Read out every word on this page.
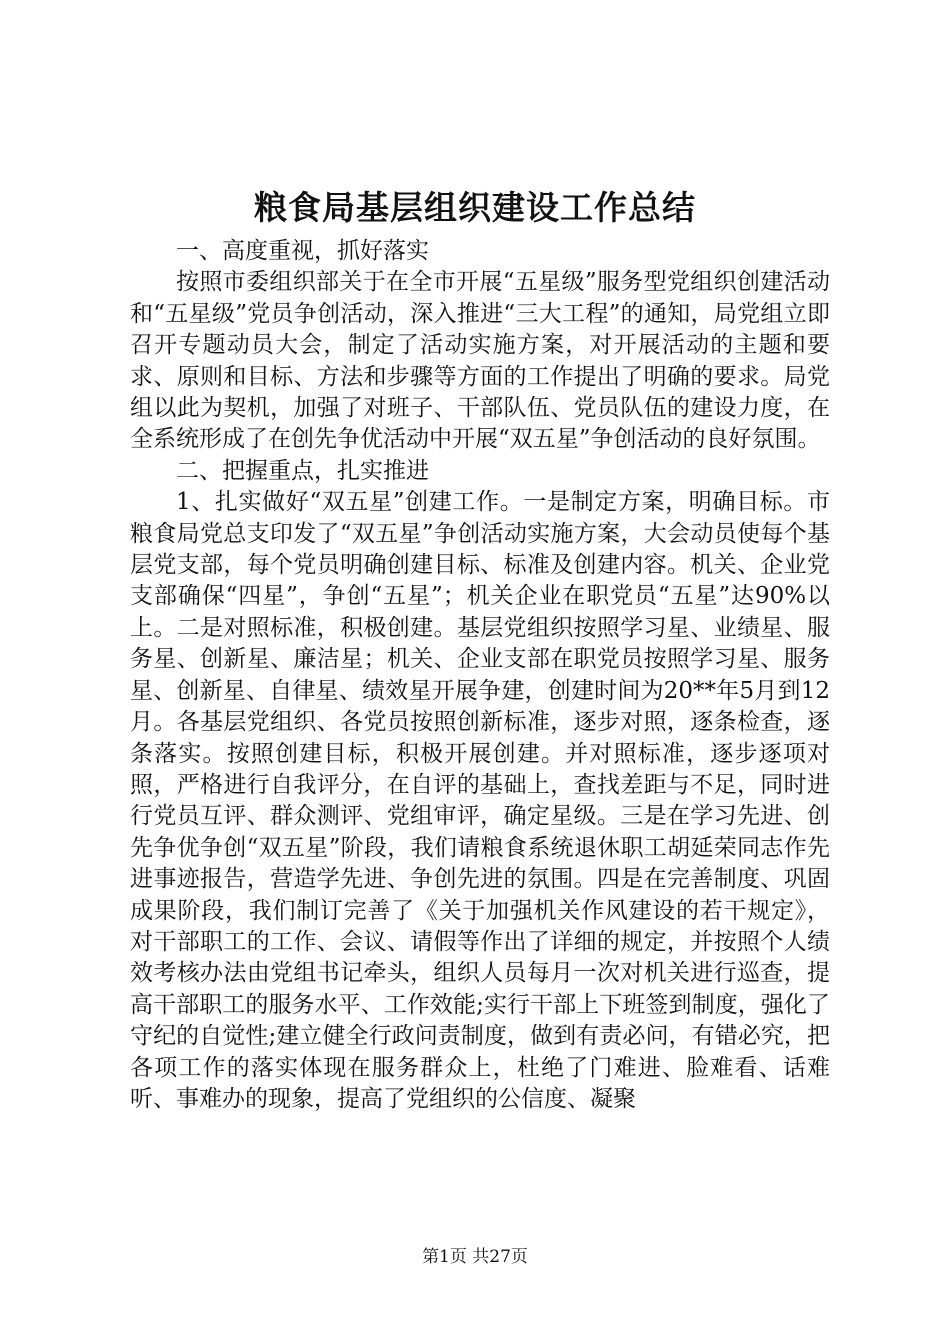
粮食局基层组织建设工作总结

一、高度重视，抓好落实

按照市委组织部关于在全市开展“五星级”服务型党组织创建活动和“五星级”党员争创活动，深入推进“三大工程”的通知，局党组立即召开专题动员大会，制定了活动实施方案，对开展活动的主题和要求、原则和目标、方法和步骤等方面的工作提出了明确的要求。局党组以此为契机，加强了对班子、干部队伍、党员队伍的建设力度，在全系统形成了在创先争优活动中开展“双五星”争创活动的良好氛围。

二、把握重点，扎实推进

1、扎实做好“双五星”创建工作。一是制定方案，明确目标。市粮食局党总支印发了“双五星”争创活动实施方案，大会动员使每个基层党支部，每个党员明确创建目标、标准及创建内容。机关、企业党支部确保“四星”，争创“五星”；机关企业在职党员“五星”达90%以上。二是对照标准，积极创建。基层党组织按照学习星、业绩星、服务星、创新星、廉洁星；机关、企业支部在职党员按照学习星、服务星、创新星、自律星、绩效星开展争建，创建时间为20**年5月到12月。各基层党组织、各党员按照创新标准，逐步对照，逐条检查，逐条落实。按照创建目标，积极开展创建。并对照标准，逐步逐项对照，严格进行自我评分，在自评的基础上，查找差距与不足，同时进行党员互评、群众测评、党组审评，确定星级。三是在学习先进、创先争优争创“双五星”阶段，我们请粮食系统退休职工胡延荣同志作先进事迹报告，营造学先进、争创先进的氛围。四是在完善制度、巩固成果阶段，我们制订完善了《关于加强机关作风建设的若干规定》，对干部职工的工作、会议、请假等作出了详细的规定，并按照个人绩效考核办法由党组书记牵头，组织人员每月一次对机关进行巡查，提高干部职工的服务水平、工作效能;实行干部上下班签到制度，强化了守纪的自觉性;建立健全行政问责制度，做到有责必问，有错必究，把各项工作的落实体现在服务群众上，杜绝了门难进、脸难看、话难听、事难办的现象，提高了党组织的公信度、凝聚

第1页 共27页
